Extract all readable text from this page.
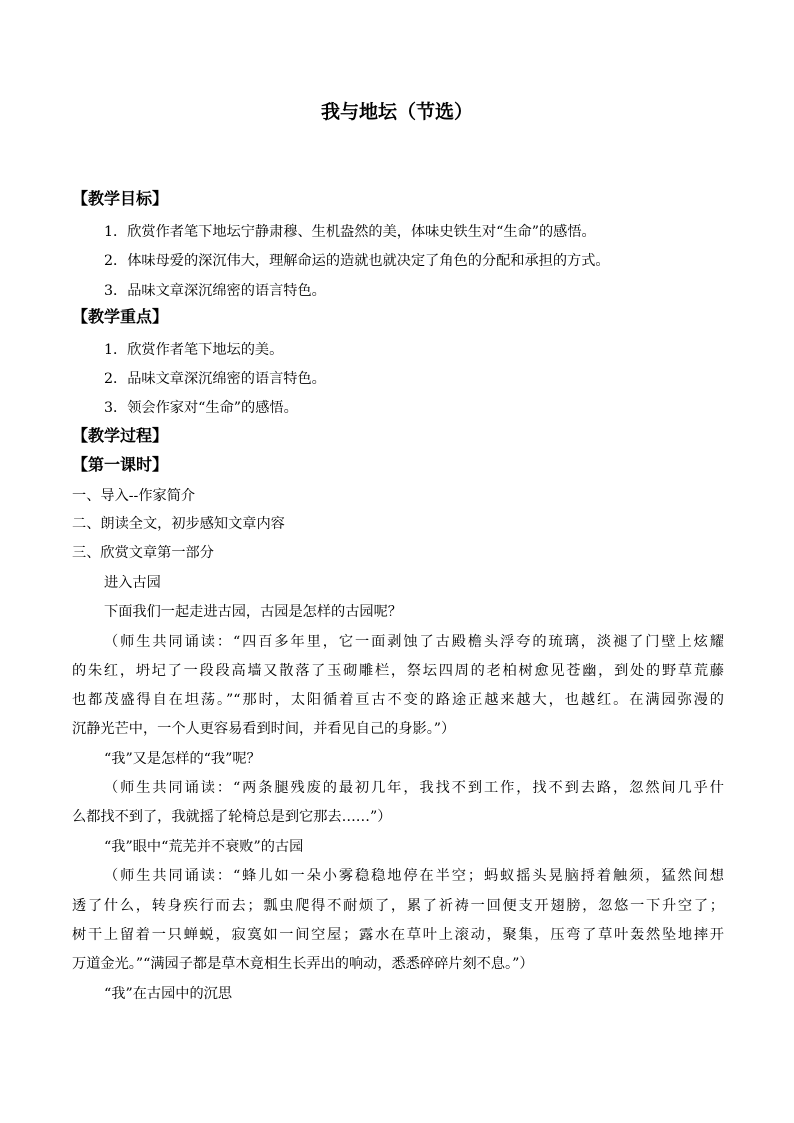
我与地坛（节选）

【教学目标】

1．欣赏作者笔下地坛宁静肃穆、生机盎然的美，体味史铁生对“生命”的感悟。

2．体味母爱的深沉伟大，理解命运的造就也就决定了角色的分配和承担的方式。

3．品味文章深沉绵密的语言特色。

【教学重点】

1．欣赏作者笔下地坛的美。

2．品味文章深沉绵密的语言特色。

3．领会作家对“生命”的感悟。

【教学过程】

【第一课时】

一、导入--作家简介

二、朗读全文，初步感知文章内容

三、欣赏文章第一部分

进入古园

下面我们一起走进古园，古园是怎样的古园呢？

（师生共同诵读：“四百多年里，它一面剥蚀了古殿檐头浮夸的琉璃，淡褪了门壁上炫耀

的朱红，坍圮了一段段高墙又散落了玉砌雕栏，祭坛四周的老柏树愈见苍幽，到处的野草荒藤

也都茂盛得自在坦荡。”“那时，太阳循着亘古不变的路途正越来越大，也越红。在满园弥漫的

沉静光芒中，一个人更容易看到时间，并看见自己的身影。”）

“我”又是怎样的“我”呢？

（师生共同诵读：“两条腿残废的最初几年，我找不到工作，找不到去路，忽然间几乎什

么都找不到了，我就摇了轮椅总是到它那去……”）

“我”眼中“荒芜并不衰败”的古园

（师生共同诵读：“蜂儿如一朵小雾稳稳地停在半空；蚂蚁摇头晃脑捋着触须，猛然间想

透了什么，转身疾行而去；瓢虫爬得不耐烦了，累了祈祷一回便支开翅膀，忽悠一下升空了；

树干上留着一只蝉蜕，寂寞如一间空屋；露水在草叶上滚动，聚集，压弯了草叶轰然坠地摔开

万道金光。”“满园子都是草木竟相生长弄出的响动，悉悉碎碎片刻不息。”）

“我”在古园中的沉思
